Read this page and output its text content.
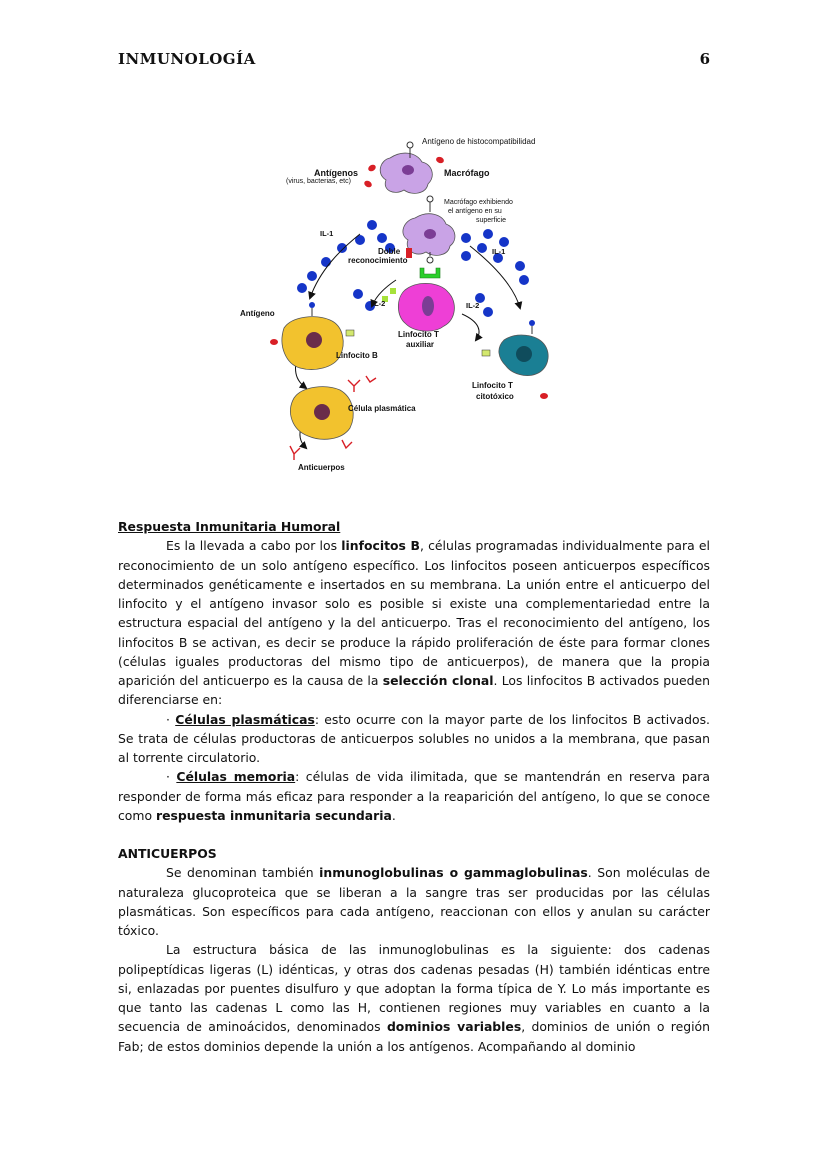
INMUNOLOGÍA	6
Antígeno de histocompatibilidad
Antígenos
(virus, bacterias, etc)
Macrófago
Macrófago exhibiendo
el antígeno en su
superficie
IL-1
IL-1
Doble
reconocimiento
IL-2	IL-2
Antígeno
Linfocito B
Linfocito T
auxiliar
Linfocito T
citotóxico
Célula plasmática
Anticuerpos

Respuesta Inmunitaria Humoral

Es la llevada a cabo por los linfocitos B, células programadas individualmente para el reconocimiento de un solo antígeno específico. Los linfocitos poseen anticuerpos específicos determinados genéticamente e insertados en su membrana. La unión entre el anticuerpo del linfocito y el antígeno invasor solo es posible si existe una complementariedad entre la estructura espacial del antígeno y la del anticuerpo. Tras el reconocimiento del antígeno, los linfocitos B se activan, es decir se produce la rápido proliferación de éste para formar clones (células iguales productoras del mismo tipo de anticuerpos), de manera que la propia aparición del anticuerpo es la causa de la selección clonal. Los linfocitos B activados pueden diferenciarse en:

· Células plasmáticas: esto ocurre con la mayor parte de los linfocitos B activados. Se trata de células productoras de anticuerpos solubles no unidos a la membrana, que pasan al torrente circulatorio.

· Células memoria: células de vida ilimitada, que se mantendrán en reserva para responder de forma más eficaz para responder a la reaparición del antígeno, lo que se conoce como respuesta inmunitaria secundaria.

ANTICUERPOS

Se denominan también inmunoglobulinas o gammaglobulinas. Son moléculas de naturaleza glucoproteica que se liberan a la sangre tras ser producidas por las células plasmáticas. Son específicos para cada antígeno, reaccionan con ellos y anulan su carácter tóxico.

La estructura básica de las inmunoglobulinas es la siguiente: dos cadenas polipeptídicas ligeras (L) idénticas, y otras dos cadenas pesadas (H) también idénticas entre si, enlazadas por puentes disulfuro y que adoptan la forma típica de Y. Lo más importante es que tanto las cadenas L como las H, contienen regiones muy variables en cuanto a la secuencia de aminoácidos, denominados dominios variables, dominios de unión o región Fab; de estos dominios depende la unión a los antígenos. Acompañando al dominio
